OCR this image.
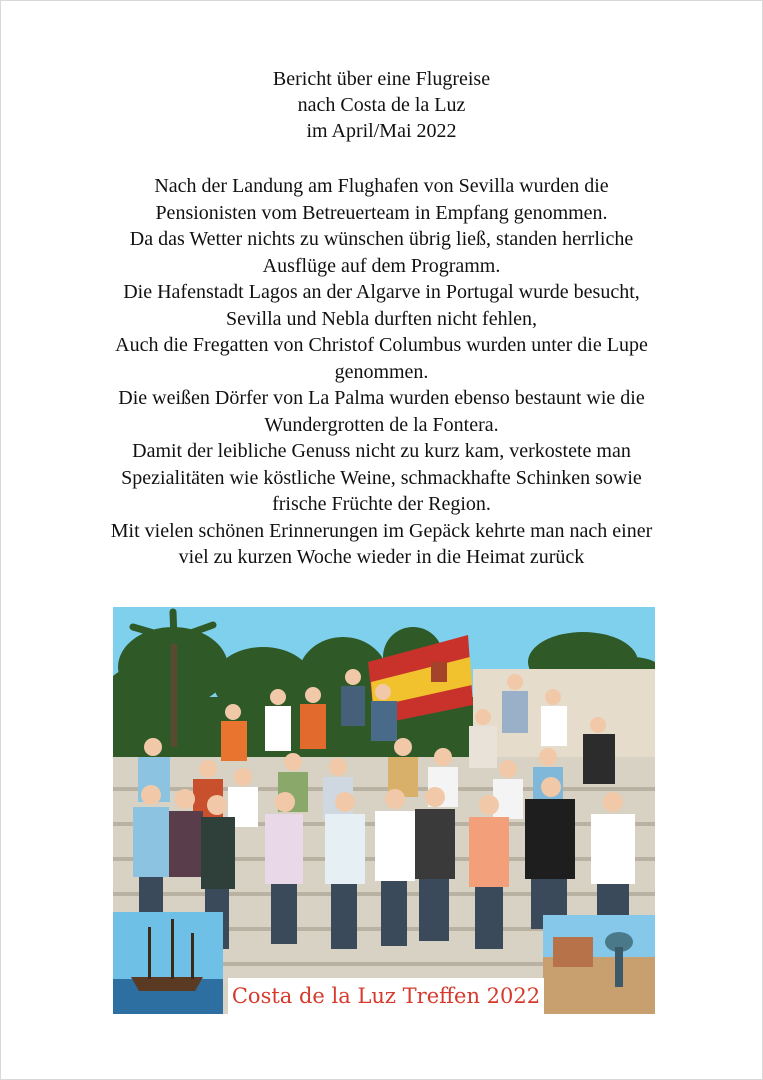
Bericht über eine Flugreise
nach Costa de la Luz
im April/Mai 2022
Nach der Landung am Flughafen von Sevilla wurden die
Pensionisten vom Betreuerteam in Empfang genommen.
Da das Wetter nichts zu wünschen übrig ließ, standen herrliche
Ausflüge auf dem Programm.
Die Hafenstadt Lagos an der Algarve in Portugal wurde besucht,
Sevilla und Nebla durften nicht fehlen,
Auch die Fregatten von Christof Columbus wurden unter die Lupe
genommen.
Die weißen Dörfer von La Palma wurden ebenso bestaunt wie die
Wundergrotten de la Fontera.
Damit der leibliche Genuss nicht zu kurz kam, verkostete man
Spezialitäten wie köstliche Weine, schmackhafte Schinken sowie
frische Früchte der Region.
Mit vielen schönen Erinnerungen im Gepäck kehrte man nach einer
viel zu kurzen Woche wieder in die Heimat zurück
Costa de la Luz Treffen 2022
